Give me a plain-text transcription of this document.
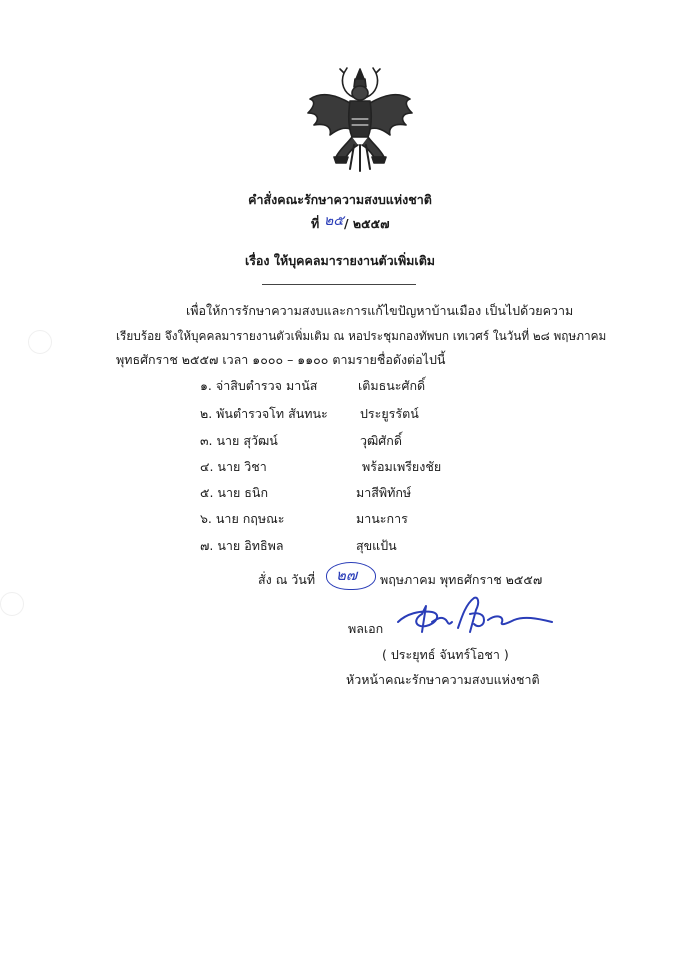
คำสั่งคณะรักษาความสงบแห่งชาติ
ที่ ๒๕ / ๒๕๕๗
เรื่อง ให้บุคคลมารายงานตัวเพิ่มเติม
เพื่อให้การรักษาความสงบและการแก้ไขปัญหาบ้านเมือง เป็นไปด้วยความ
เรียบร้อย จึงให้บุคคลมารายงานตัวเพิ่มเติม ณ หอประชุมกองทัพบก เทเวศร์ ในวันที่ ๒๘ พฤษภาคม
พุทธศักราช ๒๕๕๗ เวลา ๑๐๐๐ – ๑๑๐๐ ตามรายชื่อดังต่อไปนี้
๑. จ่าสิบตำรวจ มานัส	เติมธนะศักดิ์
๒. พันตำรวจโท สันทนะ	ประยูรรัตน์
๓. นาย สุวัฒน์	วุฒิศักดิ์
๔. นาย วิชา	พร้อมเพรียงชัย
๕. นาย ธนิก	มาสีพิทักษ์
๖. นาย กฤษณะ	มานะการ
๗. นาย อิทธิพล	สุขแป้น
สั่ง ณ วันที่ ๒๗ พฤษภาคม พุทธศักราช ๒๕๕๗
พลเอก
( ประยุทธ์ จันทร์โอชา )
หัวหน้าคณะรักษาความสงบแห่งชาติ
